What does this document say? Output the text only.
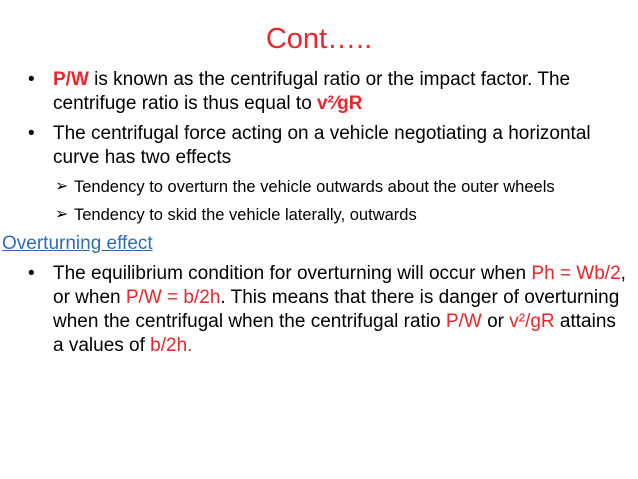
Cont…..
• P/W is known as the centrifugal ratio or the impact factor. The centrifuge ratio is thus equal to v²⁄gR
• The centrifugal force acting on a vehicle negotiating a horizontal curve has two effects
➢ Tendency to overturn the vehicle outwards about the outer wheels
➢ Tendency to skid the vehicle laterally, outwards
Overturning effect
• The equilibrium condition for overturning will occur when Ph = Wb/2, or when P/W = b/2h. This means that there is danger of overturning when the centrifugal when the centrifugal ratio P/W or v²/gR attains a values of b/2h.
